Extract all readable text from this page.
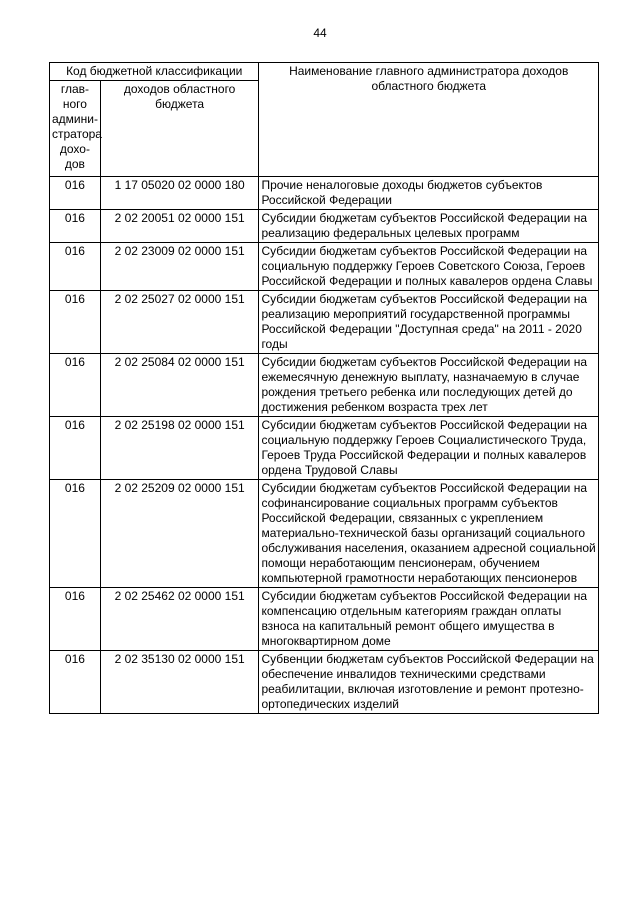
44
Код бюджетной классификации		Наименование главного администратора доходов областного бюджета
глав-ного админи-стратора дохо-дов	доходов областного бюджета	
016	1 17 05020 02 0000 180	Прочие неналоговые доходы бюджетов субъектов Российской Федерации
016	2 02 20051 02 0000 151	Субсидии бюджетам субъектов Российской Федерации на реализацию федеральных целевых программ
016	2 02 23009 02 0000 151	Субсидии бюджетам субъектов Российской Федерации на социальную поддержку Героев Советского Союза, Героев Российской Федерации и полных кавалеров ордена Славы
016	2 02 25027 02 0000 151	Субсидии бюджетам субъектов Российской Федерации на реализацию мероприятий государственной программы Российской Федерации "Доступная среда" на 2011 - 2020 годы
016	2 02 25084 02 0000 151	Субсидии бюджетам субъектов Российской Федерации на ежемесячную денежную выплату, назначаемую в случае рождения третьего ребенка или последующих детей до достижения ребенком возраста трех лет
016	2 02 25198 02 0000 151	Субсидии бюджетам субъектов Российской Федерации на социальную поддержку Героев Социалистического Труда, Героев Труда Российской Федерации и полных кавалеров ордена Трудовой Славы
016	2 02 25209 02 0000 151	Субсидии бюджетам субъектов Российской Федерации на софинансирование социальных программ субъектов Российской Федерации, связанных с укреплением материально-технической базы организаций социального обслуживания населения, оказанием адресной социальной помощи неработающим пенсионерам, обучением компьютерной грамотности неработающих пенсионеров
016	2 02 25462 02 0000 151	Субсидии бюджетам субъектов Российской Федерации на компенсацию отдельным категориям граждан оплаты взноса на капитальный ремонт общего имущества в многоквартирном доме
016	2 02 35130 02 0000 151	Субвенции бюджетам субъектов Российской Федерации на обеспечение инвалидов техническими средствами реабилитации, включая изготовление и ремонт протезно-ортопедических изделий
